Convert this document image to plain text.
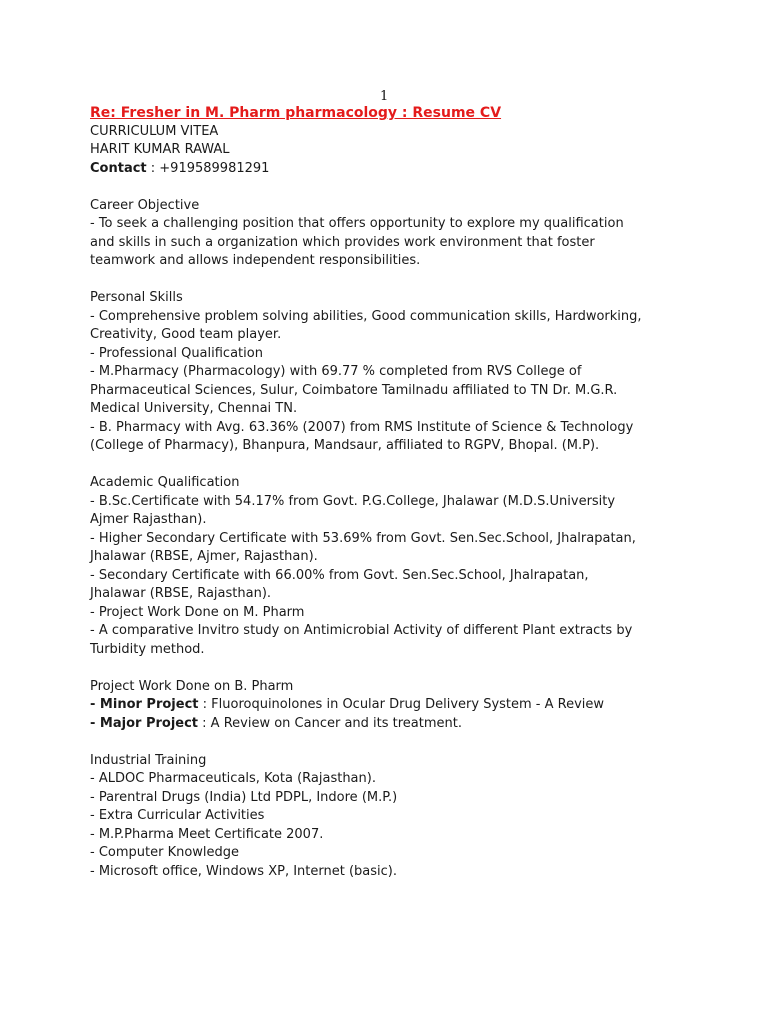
1
Re: Fresher in M. Pharm pharmacology : Resume CV
CURRICULUM VITEA
HARIT KUMAR RAWAL
Contact : +919589981291
Career Objective
- To seek a challenging position that offers opportunity to explore my qualification
and skills in such a organization which provides work environment that foster
teamwork and allows independent responsibilities.
Personal Skills
- Comprehensive problem solving abilities, Good communication skills, Hardworking,
Creativity, Good team player.
- Professional Qualification
- M.Pharmacy (Pharmacology) with 69.77 % completed from RVS College of
Pharmaceutical Sciences, Sulur, Coimbatore Tamilnadu affiliated to TN Dr. M.G.R.
Medical University, Chennai TN.
- B. Pharmacy with Avg. 63.36% (2007) from RMS Institute of Science & Technology
(College of Pharmacy), Bhanpura, Mandsaur, affiliated to RGPV, Bhopal. (M.P).
Academic Qualification
- B.Sc.Certificate with 54.17% from Govt. P.G.College, Jhalawar (M.D.S.University
Ajmer Rajasthan).
- Higher Secondary Certificate with 53.69% from Govt. Sen.Sec.School, Jhalrapatan,
Jhalawar (RBSE, Ajmer, Rajasthan).
- Secondary Certificate with 66.00% from Govt. Sen.Sec.School, Jhalrapatan,
Jhalawar (RBSE, Rajasthan).
- Project Work Done on M. Pharm
- A comparative Invitro study on Antimicrobial Activity of different Plant extracts by
Turbidity method.
Project Work Done on B. Pharm
- Minor Project : Fluoroquinolones in Ocular Drug Delivery System - A Review
- Major Project : A Review on Cancer and its treatment.
Industrial Training
- ALDOC Pharmaceuticals, Kota (Rajasthan).
- Parentral Drugs (India) Ltd PDPL, Indore (M.P.)
- Extra Curricular Activities
- M.P.Pharma Meet Certificate 2007.
- Computer Knowledge
- Microsoft office, Windows XP, Internet (basic).
